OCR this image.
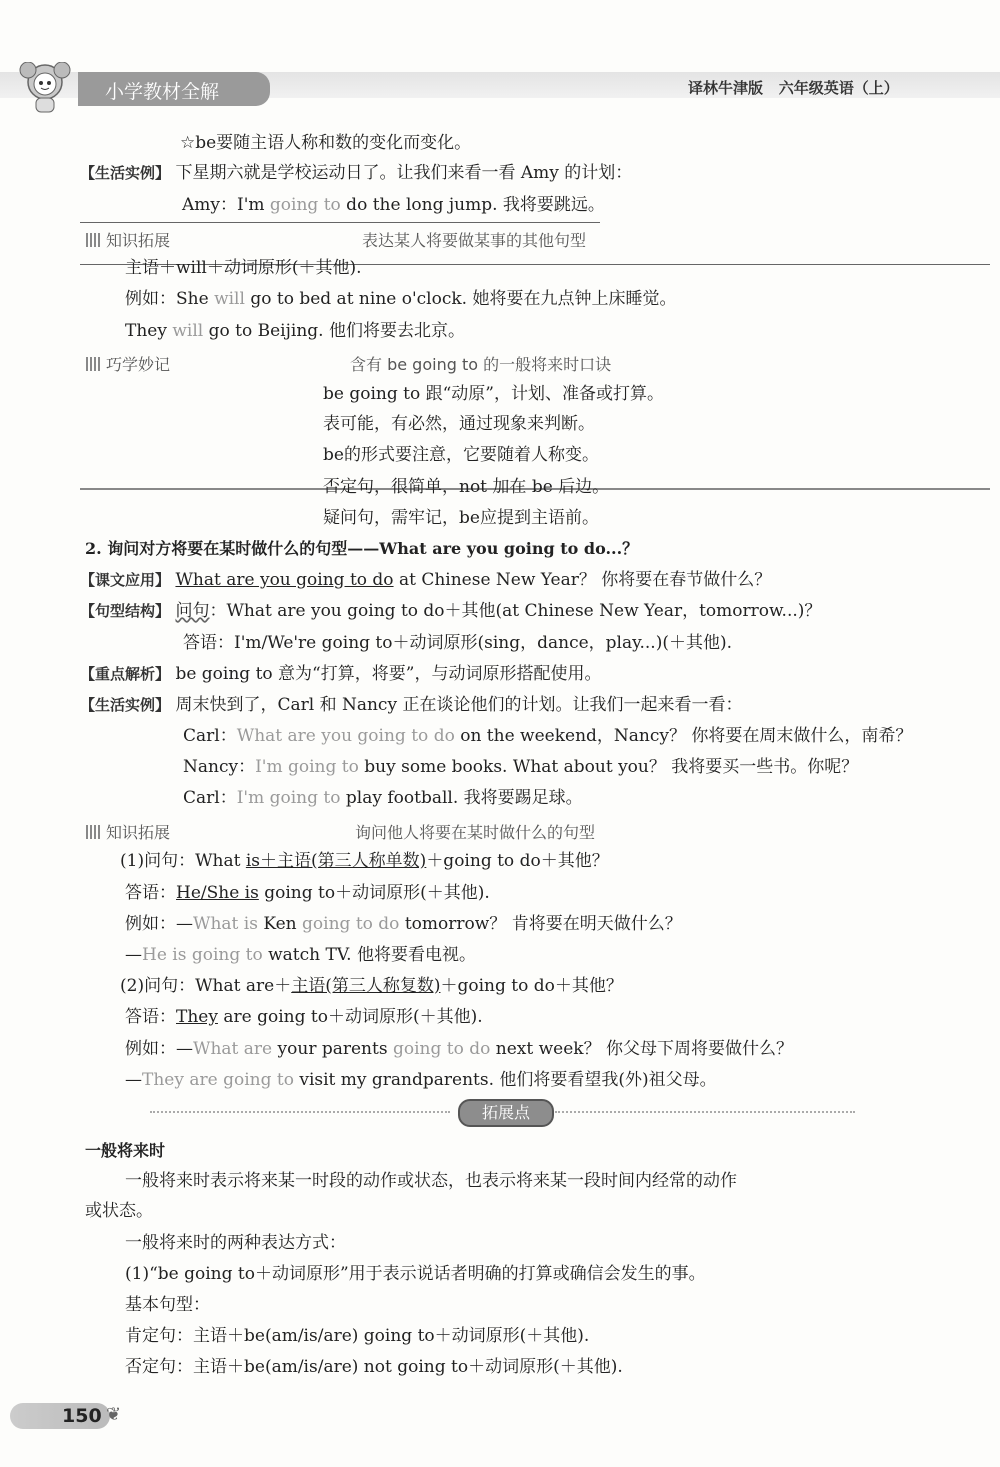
小学教材全解	译林牛津版 六年级英语（上）
☆be要随主语人称和数的变化而变化。
【 生活实例 】 下星期六就是学校运动日了。让我们来看一看 Amy 的计划：
Amy：I'm going to do the long jump. 我将要跳远。
知识拓展	表达某人将要做某事的其他句型
主语＋will＋动词原形(＋其他).
例如：She will go to bed at nine o'clock. 她将要在九点钟上床睡觉。
They will go to Beijing. 他们将要去北京。
巧学妙记	含有 be going to 的一般将来时口诀
be going to 跟“动原”，计划、准备或打算。
表可能，有必然，通过现象来判断。
be的形式要注意，它要随着人称变。
否定句，很简单，not 加在 be 后边。
疑问句，需牢记，be应提到主语前。
2. 询问对方将要在某时做什么的句型——What are you going to do...？
【 课文应用 】 What are you going to do at Chinese New Year？ 你将要在春节做什么？
【 句型结构 】 问句：What are you going to do＋其他(at Chinese New Year，tomorrow...)？
答语：I'm/We're going to＋动词原形(sing，dance，play...)(＋其他).
【 重点解析 】 be going to 意为“打算，将要”，与动词原形搭配使用。
【 生活实例 】 周末快到了，Carl 和 Nancy 正在谈论他们的计划。让我们一起来看一看：
Carl：What are you going to do on the weekend，Nancy？ 你将要在周末做什么，南希？
Nancy：I'm going to buy some books. What about you？ 我将要买一些书。你呢？
Carl：I'm going to play football. 我将要踢足球。
知识拓展	询问他人将要在某时做什么的句型
(1)问句：What is＋主语(第三人称单数)＋going to do＋其他？
答语：He/She is going to＋动词原形(＋其他).
例如：—What is Ken going to do tomorrow？ 肯将要在明天做什么？
—He is going to watch TV. 他将要看电视。
(2)问句：What are＋主语(第三人称复数)＋going to do＋其他？
答语：They are going to＋动词原形(＋其他).
例如：—What are your parents going to do next week？ 你父母下周将要做什么？
—They are going to visit my grandparents. 他们将要看望我(外)祖父母。
拓展点
一般将来时
一般将来时表示将来某一时段的动作或状态，也表示将来某一段时间内经常的动作
或状态。
一般将来时的两种表达方式：
(1)“be going to＋动词原形”用于表示说话者明确的打算或确信会发生的事。
基本句型：
肯定句：主语＋be(am/is/are) going to＋动词原形(＋其他).
否定句：主语＋be(am/is/are) not going to＋动词原形(＋其他).
150 ❦
